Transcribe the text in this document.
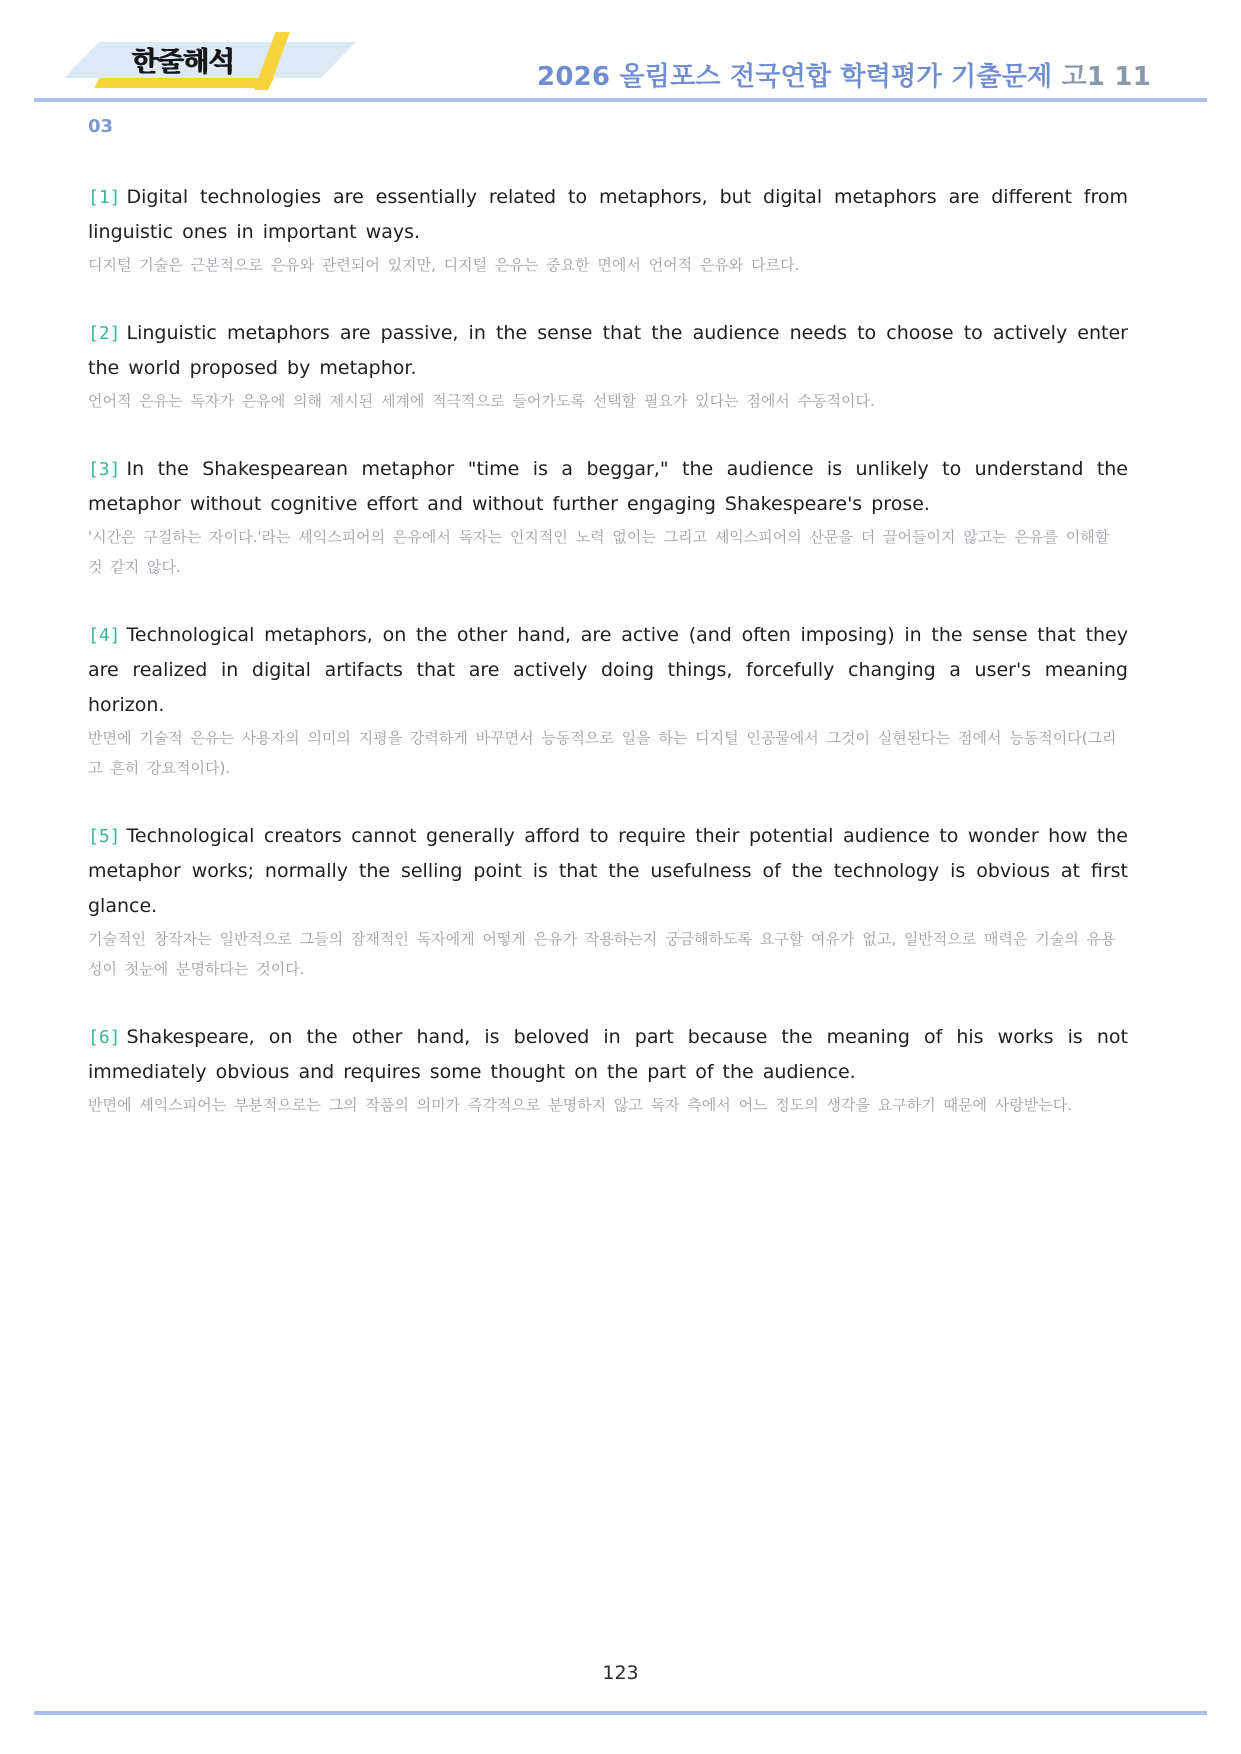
한줄해석	2026 올림포스 전국연합 학력평가 기출문제 고1 11
03
[1] Digital technologies are essentially related to metaphors, but digital metaphors are different from linguistic ones in important ways.
디지털 기술은 근본적으로 은유와 관련되어 있지만, 디지털 은유는 중요한 면에서 언어적 은유와 다르다.
[2] Linguistic metaphors are passive, in the sense that the audience needs to choose to actively enter the world proposed by metaphor.
언어적 은유는 독자가 은유에 의해 제시된 세계에 적극적으로 들어가도록 선택할 필요가 있다는 점에서 수동적이다.
[3] In the Shakespearean metaphor "time is a beggar," the audience is unlikely to understand the metaphor without cognitive effort and without further engaging Shakespeare's prose.
'시간은 구걸하는 자이다.'라는 셰익스피어의 은유에서 독자는 인지적인 노력 없이는 그리고 셰익스피어의 산문을 더 끌어들이지 않고는 은유를 이해할 것 같지 않다.
[4] Technological metaphors, on the other hand, are active (and often imposing) in the sense that they are realized in digital artifacts that are actively doing things, forcefully changing a user's meaning horizon.
반면에 기술적 은유는 사용자의 의미의 지평을 강력하게 바꾸면서 능동적으로 일을 하는 디지털 인공물에서 그것이 실현된다는 점에서 능동적이다(그리고 흔히 강요적이다).
[5] Technological creators cannot generally afford to require their potential audience to wonder how the metaphor works; normally the selling point is that the usefulness of the technology is obvious at first glance.
기술적인 창작자는 일반적으로 그들의 잠재적인 독자에게 어떻게 은유가 작용하는지 궁금해하도록 요구할 여유가 없고, 일반적으로 매력은 기술의 유용성이 첫눈에 분명하다는 것이다.
[6] Shakespeare, on the other hand, is beloved in part because the meaning of his works is not immediately obvious and requires some thought on the part of the audience.
반면에 셰익스피어는 부분적으로는 그의 작품의 의미가 즉각적으로 분명하지 않고 독자 측에서 어느 정도의 생각을 요구하기 때문에 사랑받는다.
123
